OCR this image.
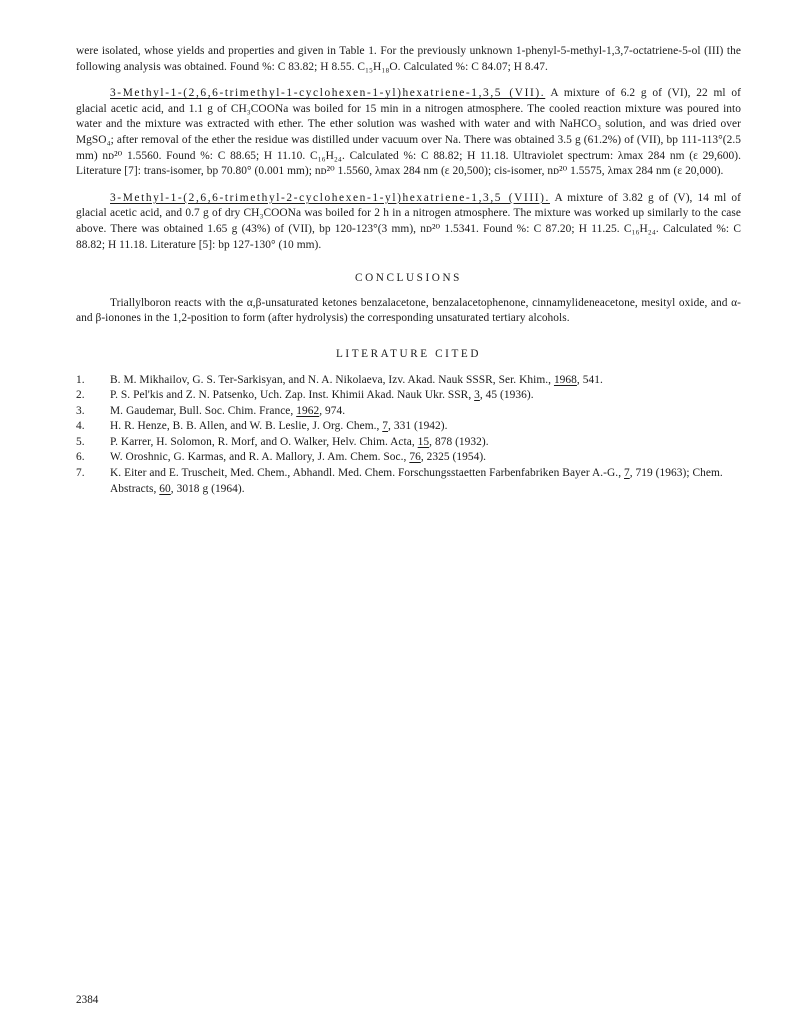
were isolated, whose yields and properties and given in Table 1. For the previously unknown 1-phenyl-5-methyl-1,3,7-octatriene-5-ol (III) the following analysis was obtained. Found %: C 83.82; H 8.55. C₁₅H₁₈O. Calculated %: C 84.07; H 8.47.

3-Methyl-1-(2,6,6-trimethyl-1-cyclohexen-1-yl)hexatriene-1,3,5 (VII). A mixture of 6.2 g of (VI), 22 ml of glacial acetic acid, and 1.1 g of CH₃COONa was boiled for 15 min in a nitrogen atmosphere. The cooled reaction mixture was poured into water and the mixture was extracted with ether. The ether solution was washed with water and with NaHCO₃ solution, and was dried over MgSO₄; after removal of the ether the residue was distilled under vacuum over Na. There was obtained 3.5 g (61.2%) of (VII), bp 111-113°(2.5 mm) nᴅ²⁰ 1.5560. Found %: C 88.65; H 11.10. C₁₆H₂₄. Calculated %: C 88.82; H 11.18. Ultraviolet spectrum: λmax 284 nm (ε 29,600). Literature [7]: trans-isomer, bp 70.80° (0.001 mm); nᴅ²⁰ 1.5560, λmax 284 nm (ε 20,500); cis-isomer, nᴅ²⁰ 1.5575, λmax 284 nm (ε 20,000).

3-Methyl-1-(2,6,6-trimethyl-2-cyclohexen-1-yl)hexatriene-1,3,5 (VIII). A mixture of 3.82 g of (V), 14 ml of glacial acetic acid, and 0.7 g of dry CH₃COONa was boiled for 2 h in a nitrogen atmosphere. The mixture was worked up similarly to the case above. There was obtained 1.65 g (43%) of (VII), bp 120-123°(3 mm), nᴅ²⁰ 1.5341. Found %: C 87.20; H 11.25. C₁₆H₂₄. Calculated %: C 88.82; H 11.18. Literature [5]: bp 127-130° (10 mm).

CONCLUSIONS

Triallylboron reacts with the α,β-unsaturated ketones benzalacetone, benzalacetophenone, cinnamylideneacetone, mesityl oxide, and α- and β-ionones in the 1,2-position to form (after hydrolysis) the corresponding unsaturated tertiary alcohols.

LITERATURE CITED
1.	B. M. Mikhailov, G. S. Ter-Sarkisyan, and N. A. Nikolaeva, Izv. Akad. Nauk SSSR, Ser. Khim., 1968, 541.
2.	P. S. Pel'kis and Z. N. Patsenko, Uch. Zap. Inst. Khimii Akad. Nauk Ukr. SSR, 3, 45 (1936).
3.	M. Gaudemar, Bull. Soc. Chim. France, 1962, 974.
4.	H. R. Henze, B. B. Allen, and W. B. Leslie, J. Org. Chem., 7, 331 (1942).
5.	P. Karrer, H. Solomon, R. Morf, and O. Walker, Helv. Chim. Acta, 15, 878 (1932).
6.	W. Oroshnic, G. Karmas, and R. A. Mallory, J. Am. Chem. Soc., 76, 2325 (1954).
7.	K. Eiter and E. Truscheit, Med. Chem., Abhandl. Med. Chem. Forschungsstaetten Farbenfabriken Bayer A.-G., 7, 719 (1963); Chem. Abstracts, 60, 3018 g (1964).
2384
